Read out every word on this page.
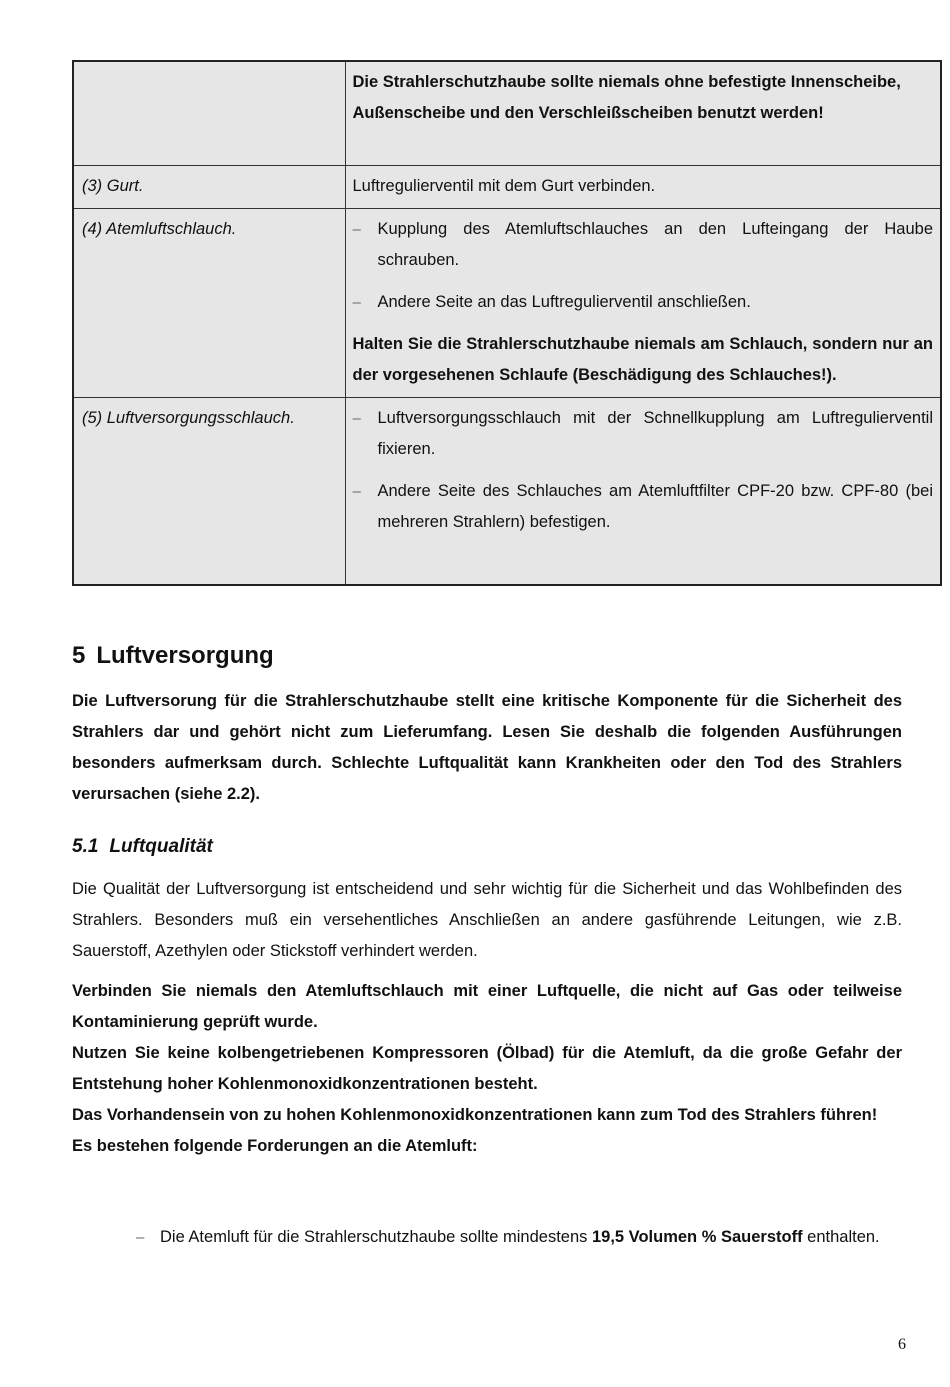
	Die Strahlerschutzhaube sollte niemals ohne befestigte Innenscheibe, Außenscheibe und den Verschleißscheiben benutzt werden!

(3) Gurt.	Luftregulierventil mit dem Gurt verbinden.

(4) Atemluftschlauch.	– Kupplung des Atemluftschlauches an den Lufteingang der Haube schrauben.
– Andere Seite an das Luftregulierventil anschließen.
Halten Sie die Strahlerschutzhaube niemals am Schlauch, sondern nur an der vorgesehenen Schlaufe (Beschädigung des Schlauches!).

(5) Luftversorgungsschlauch.	– Luftversorgungsschlauch mit der Schnellkupplung am Luftregulierventil fixieren.
– Andere Seite des Schlauches am Atemluftfilter CPF-20 bzw. CPF-80 (bei mehreren Strahlern) befestigen.
5 Luftversorgung

Die Luftversorung für die Strahlerschutzhaube stellt eine kritische Komponente für die Sicherheit des Strahlers dar und gehört nicht zum Lieferumfang. Lesen Sie deshalb die folgenden Ausführungen besonders aufmerksam durch. Schlechte Luftqualität kann Krankheiten oder den Tod des Strahlers verursachen (siehe 2.2).

5.1 Luftqualität

Die Qualität der Luftversorgung ist entscheidend und sehr wichtig für die Sicherheit und das Wohlbefinden des Strahlers. Besonders muß ein versehentliches Anschließen an andere gasführende Leitungen, wie z.B. Sauerstoff, Azethylen oder Stickstoff verhindert werden.

Verbinden Sie niemals den Atemluftschlauch mit einer Luftquelle, die nicht auf Gas oder teilweise Kontaminierung geprüft wurde.
Nutzen Sie keine kolbengetriebenen Kompressoren (Ölbad) für die Atemluft, da die große Gefahr der Entstehung hoher Kohlenmonoxidkonzentrationen besteht.
Das Vorhandensein von zu hohen Kohlenmonoxidkonzentrationen kann zum Tod des Strahlers führen!
Es bestehen folgende Forderungen an die Atemluft:
– Die Atemluft für die Strahlerschutzhaube sollte mindestens 19,5 Volumen % Sauerstoff enthalten.
6
